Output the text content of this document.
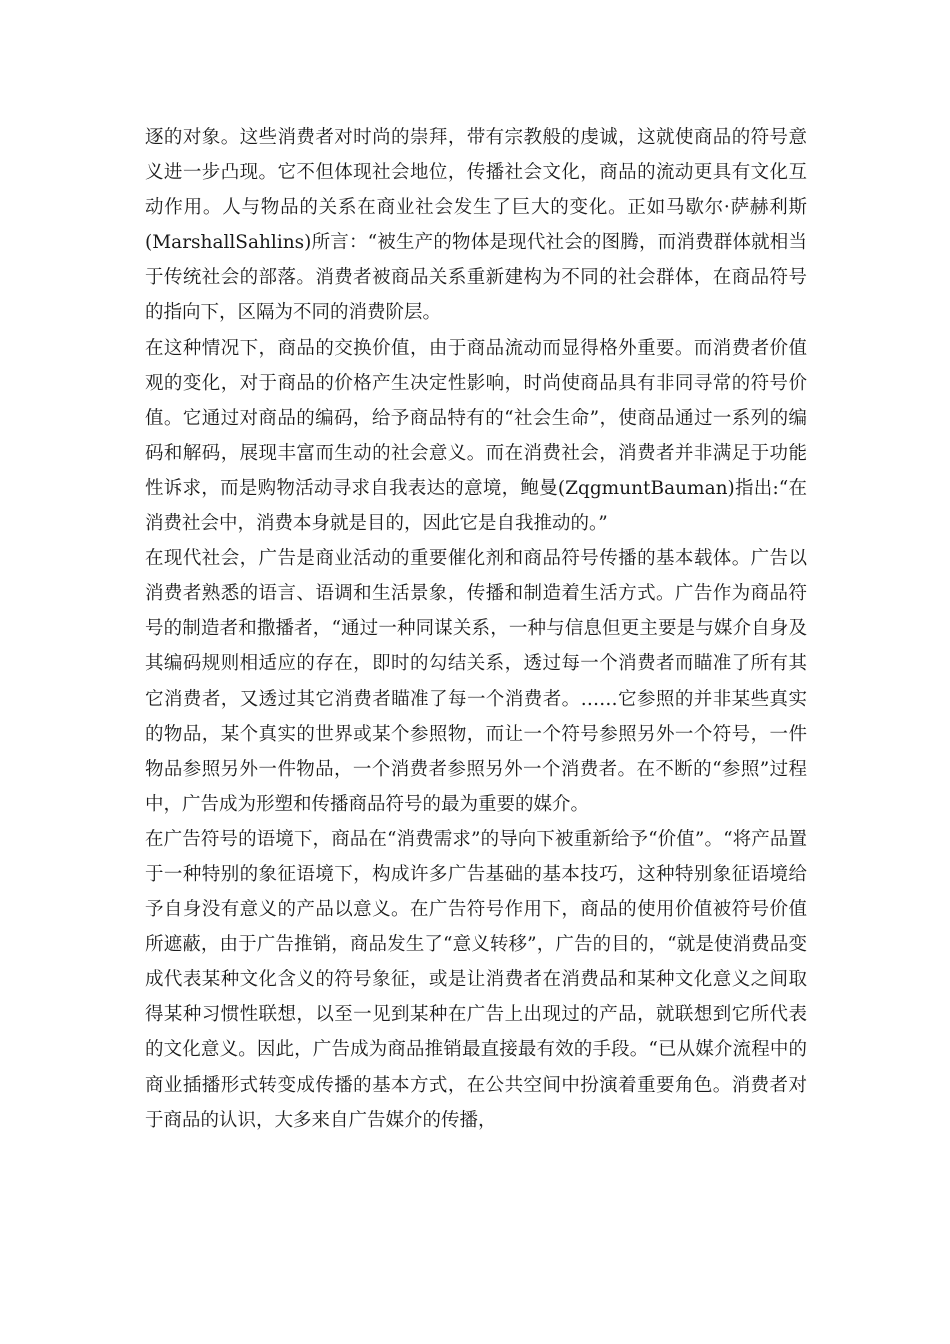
逐的对象。这些消费者对时尚的崇拜，带有宗教般的虔诚，这就使商品的符号意义进一步凸现。它不但体现社会地位，传播社会文化，商品的流动更具有文化互动作用。人与物品的关系在商业社会发生了巨大的变化。正如马歇尔·萨赫利斯(MarshallSahlins)所言：“被生产的物体是现代社会的图腾，而消费群体就相当于传统社会的部落。消费者被商品关系重新建构为不同的社会群体，在商品符号的指向下，区隔为不同的消费阶层。

在这种情况下，商品的交换价值，由于商品流动而显得格外重要。而消费者价值观的变化，对于商品的价格产生决定性影响，时尚使商品具有非同寻常的符号价值。它通过对商品的编码，给予商品特有的“社会生命”，使商品通过一系列的编码和解码，展现丰富而生动的社会意义。而在消费社会，消费者并非满足于功能性诉求，而是购物活动寻求自我表达的意境，鲍曼(ZqgmuntBauman)指出:“在消费社会中，消费本身就是目的，因此它是自我推动的。”

在现代社会，广告是商业活动的重要催化剂和商品符号传播的基本载体。广告以消费者熟悉的语言、语调和生活景象，传播和制造着生活方式。广告作为商品符号的制造者和撒播者，“通过一种同谋关系，一种与信息但更主要是与媒介自身及其编码规则相适应的存在，即时的勾结关系，透过每一个消费者而瞄准了所有其它消费者，又透过其它消费者瞄准了每一个消费者。……它参照的并非某些真实的物品，某个真实的世界或某个参照物，而让一个符号参照另外一个符号，一件物品参照另外一件物品，一个消费者参照另外一个消费者。在不断的“参照”过程中，广告成为形塑和传播商品符号的最为重要的媒介。

在广告符号的语境下，商品在“消费需求”的导向下被重新给予“价值”。“将产品置于一种特别的象征语境下，构成许多广告基础的基本技巧，这种特别象征语境给予自身没有意义的产品以意义。在广告符号作用下，商品的使用价值被符号价值所遮蔽，由于广告推销，商品发生了“意义转移”，广告的目的，“就是使消费品变成代表某种文化含义的符号象征，或是让消费者在消费品和某种文化意义之间取得某种习惯性联想，以至一见到某种在广告上出现过的产品，就联想到它所代表的文化意义。因此，广告成为商品推销最直接最有效的手段。“已从媒介流程中的商业插播形式转变成传播的基本方式，在公共空间中扮演着重要角色。消费者对于商品的认识，大多来自广告媒介的传播，
